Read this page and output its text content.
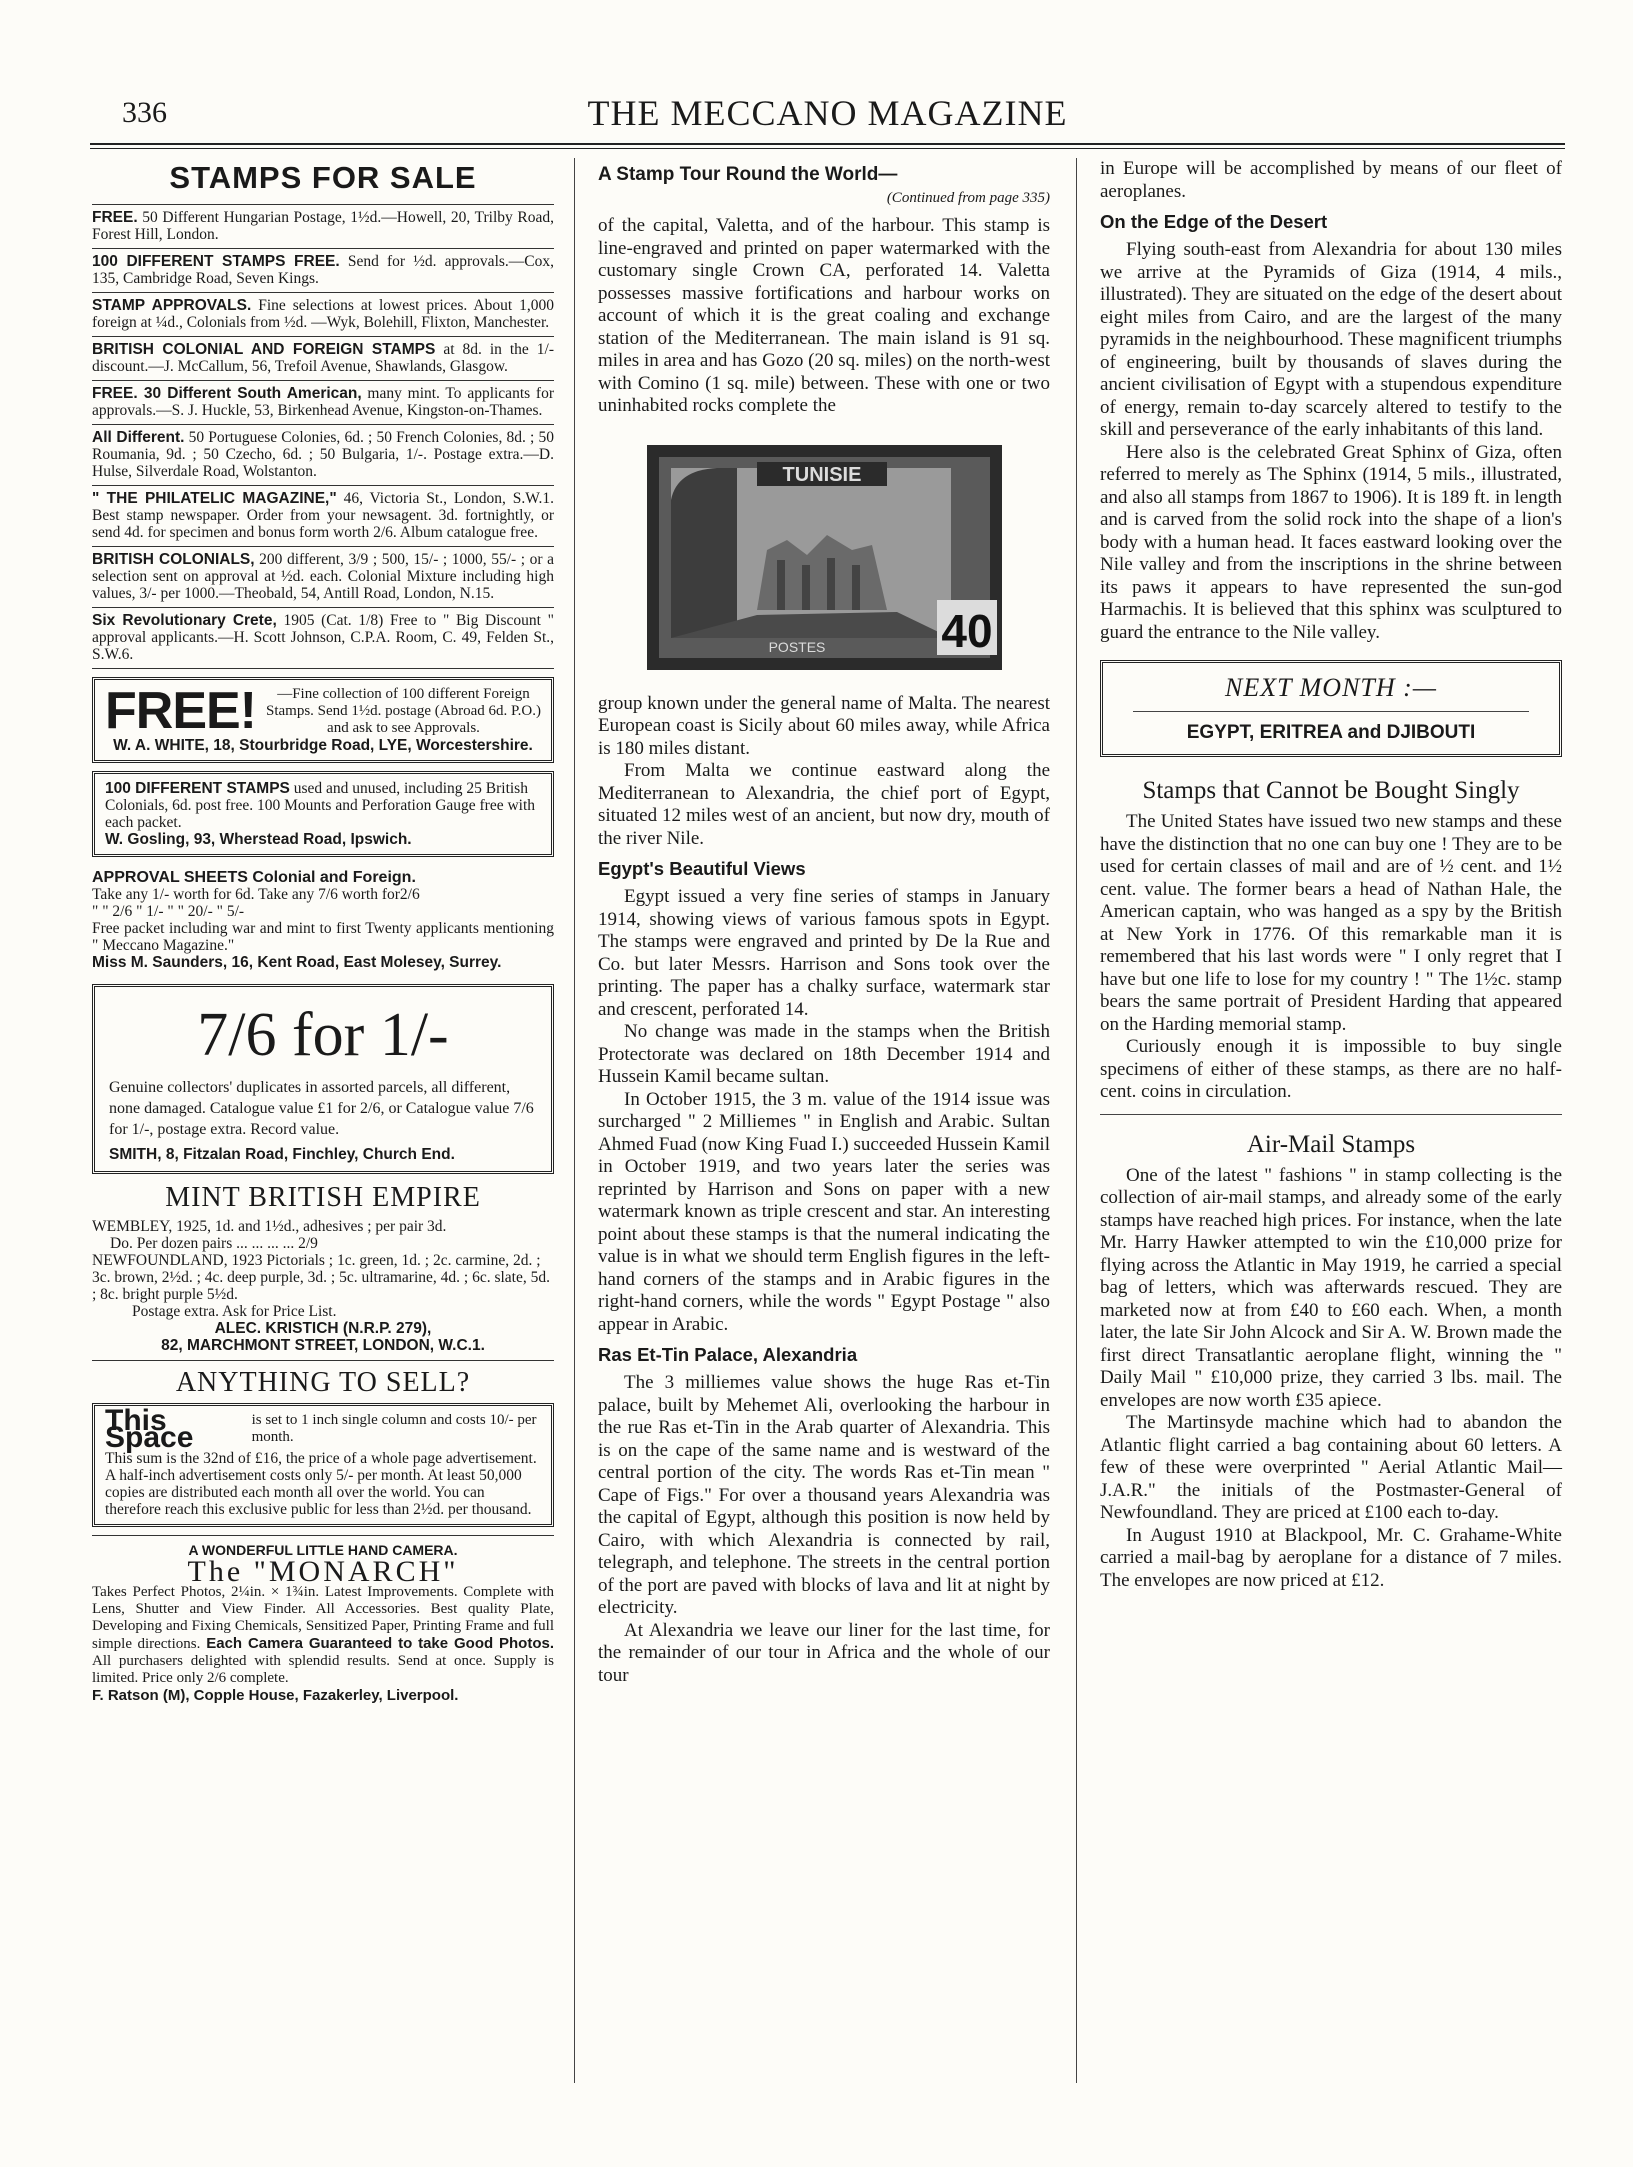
336	THE MECCANO MAGAZINE
STAMPS FOR SALE
FREE. 50 Different Hungarian Postage, 1½d.—Howell, 20, Trilby Road, Forest Hill, London.
100 DIFFERENT STAMPS FREE. Send for ½d. approvals.—Cox, 135, Cambridge Road, Seven Kings.
STAMP APPROVALS. Fine selections at lowest prices. About 1,000 foreign at ¼d., Colonials from ½d. —Wyk, Bolehill, Flixton, Manchester.
BRITISH COLONIAL AND FOREIGN STAMPS at 8d. in the 1/- discount.—J. McCallum, 56, Trefoil Avenue, Shawlands, Glasgow.
FREE. 30 Different South American, many mint. To applicants for approvals.—S. J. Huckle, 53, Birkenhead Avenue, Kingston-on-Thames.
All Different. 50 Portuguese Colonies, 6d. ; 50 French Colonies, 8d. ; 50 Roumania, 9d. ; 50 Czecho, 6d. ; 50 Bulgaria, 1/-. Postage extra.—D. Hulse, Silverdale Road, Wolstanton.
" THE PHILATELIC MAGAZINE," 46, Victoria St., London, S.W.1. Best stamp newspaper. Order from your newsagent. 3d. fortnightly, or send 4d. for specimen and bonus form worth 2/6. Album catalogue free.
BRITISH COLONIALS, 200 different, 3/9 ; 500, 15/- ; 1000, 55/- ; or a selection sent on approval at ½d. each. Colonial Mixture including high values, 3/- per 1000.—Theobald, 54, Antill Road, London, N.15.
Six Revolutionary Crete, 1905 (Cat. 1/8) Free to " Big Discount " approval applicants.—H. Scott Johnson, C.P.A. Room, C. 49, Felden St., S.W.6.
FREE!	—Fine collection of 100 different Foreign Stamps. Send 1½d. postage (Abroad 6d. P.O.) and ask to see Approvals.
W. A. WHITE, 18, Stourbridge Road, LYE, Worcestershire.
100 DIFFERENT STAMPS used and unused, including 25 British Colonials, 6d. post free. 100 Mounts and Perforation Gauge free with each packet.
W. Gosling, 93, Wherstead Road, Ipswich.
APPROVAL SHEETS Colonial and Foreign.
Take any 1/- worth for 6d. Take any 7/6 worth for2/6
" " 2/6 " 1/- " " 20/- " 5/-
Free packet including war and mint to first Twenty applicants mentioning " Meccano Magazine."
Miss M. Saunders, 16, Kent Road, East Molesey, Surrey.
7/6 for 1/-
Genuine collectors' duplicates in assorted parcels, all different, none damaged. Catalogue value £1 for 2/6, or Catalogue value 7/6 for 1/-, postage extra. Record value.
SMITH, 8, Fitzalan Road, Finchley, Church End.
MINT BRITISH EMPIRE
WEMBLEY, 1925, 1d. and 1½d., adhesives ; per pair 3d.
Do. Per dozen pairs ... ... ... ... 2/9
NEWFOUNDLAND, 1923 Pictorials ; 1c. green, 1d. ; 2c. carmine, 2d. ; 3c. brown, 2½d. ; 4c. deep purple, 3d. ; 5c. ultramarine, 4d. ; 6c. slate, 5d. ; 8c. bright purple 5½d.
Postage extra. Ask for Price List.
ALEC. KRISTICH (N.R.P. 279),
82, MARCHMONT STREET, LONDON, W.C.1.
ANYTHING TO SELL?
This Space
is set to 1 inch single column and costs 10/- per month.
This sum is the 32nd of £16, the price of a whole page advertisement. A half-inch advertisement costs only 5/- per month. At least 50,000 copies are distributed each month all over the world. You can therefore reach this exclusive public for less than 2½d. per thousand.
A WONDERFUL LITTLE HAND CAMERA.
The "MONARCH"
Takes Perfect Photos, 2¼in. × 1¾in. Latest Improvements. Complete with Lens, Shutter and View Finder. All Accessories. Best quality Plate, Developing and Fixing Chemicals, Sensitized Paper, Printing Frame and full simple directions. Each Camera Guaranteed to take Good Photos. All purchasers delighted with splendid results. Send at once. Supply is limited. Price only 2/6 complete.
F. Ratson (M), Copple House, Fazakerley, Liverpool.
A Stamp Tour Round the World—
(Continued from page 335)

of the capital, Valetta, and of the harbour. This stamp is line-engraved and printed on paper watermarked with the customary single Crown CA, perforated 14. Valetta possesses massive fortifications and harbour works on account of which it is the great coaling and exchange station of the Mediterranean. The main island is 91 sq. miles in area and has Gozo (20 sq. miles) on the north-west with Comino (1 sq. mile) between. These with one or two uninhabited rocks complete the

TUNISIE
POSTES	40

group known under the general name of Malta. The nearest European coast is Sicily about 60 miles away, while Africa is 180 miles distant.

From Malta we continue eastward along the Mediterranean to Alexandria, the chief port of Egypt, situated 12 miles west of an ancient, but now dry, mouth of the river Nile.

Egypt's Beautiful Views

Egypt issued a very fine series of stamps in January 1914, showing views of various famous spots in Egypt. The stamps were engraved and printed by De la Rue and Co. but later Messrs. Harrison and Sons took over the printing. The paper has a chalky surface, watermark star and crescent, perforated 14.

No change was made in the stamps when the British Protectorate was declared on 18th December 1914 and Hussein Kamil became sultan.

In October 1915, the 3 m. value of the 1914 issue was surcharged " 2 Milliemes " in English and Arabic. Sultan Ahmed Fuad (now King Fuad I.) succeeded Hussein Kamil in October 1919, and two years later the series was reprinted by Harrison and Sons on paper with a new watermark known as triple crescent and star. An interesting point about these stamps is that the numeral indicating the value is in what we should term English figures in the left-hand corners of the stamps and in Arabic figures in the right-hand corners, while the words " Egypt Postage " also appear in Arabic.

Ras Et-Tin Palace, Alexandria

The 3 milliemes value shows the huge Ras et-Tin palace, built by Mehemet Ali, overlooking the harbour in the rue Ras et-Tin in the Arab quarter of Alexandria. This is on the cape of the same name and is westward of the central portion of the city. The words Ras et-Tin mean " Cape of Figs." For over a thousand years Alexandria was the capital of Egypt, although this position is now held by Cairo, with which Alexandria is connected by rail, telegraph, and telephone. The streets in the central portion of the port are paved with blocks of lava and lit at night by electricity.

At Alexandria we leave our liner for the last time, for the remainder of our tour in Africa and the whole of our tour

in Europe will be accomplished by means of our fleet of aeroplanes.

On the Edge of the Desert

Flying south-east from Alexandria for about 130 miles we arrive at the Pyramids of Giza (1914, 4 mils., illustrated). They are situated on the edge of the desert about eight miles from Cairo, and are the largest of the many pyramids in the neighbourhood. These magnificent triumphs of engineering, built by thousands of slaves during the ancient civilisation of Egypt with a stupendous expenditure of energy, remain to-day scarcely altered to testify to the skill and perseverance of the early inhabitants of this land.

Here also is the celebrated Great Sphinx of Giza, often referred to merely as The Sphinx (1914, 5 mils., illustrated, and also all stamps from 1867 to 1906). It is 189 ft. in length and is carved from the solid rock into the shape of a lion's body with a human head. It faces eastward looking over the Nile valley and from the inscriptions in the shrine between its paws it appears to have represented the sun-god Harmachis. It is believed that this sphinx was sculptured to guard the entrance to the Nile valley.

NEXT MONTH :—
EGYPT, ERITREA and DJIBOUTI
Stamps that Cannot be Bought Singly

The United States have issued two new stamps and these have the distinction that no one can buy one ! They are to be used for certain classes of mail and are of ½ cent. and 1½ cent. value. The former bears a head of Nathan Hale, the American captain, who was hanged as a spy by the British at New York in 1776. Of this remarkable man it is remembered that his last words were " I only regret that I have but one life to lose for my country ! " The 1½c. stamp bears the same portrait of President Harding that appeared on the Harding memorial stamp.

Curiously enough it is impossible to buy single specimens of either of these stamps, as there are no half-cent. coins in circulation.

Air-Mail Stamps

One of the latest " fashions " in stamp collecting is the collection of air-mail stamps, and already some of the early stamps have reached high prices. For instance, when the late Mr. Harry Hawker attempted to win the £10,000 prize for flying across the Atlantic in May 1919, he carried a special bag of letters, which was afterwards rescued. They are marketed now at from £40 to £60 each. When, a month later, the late Sir John Alcock and Sir A. W. Brown made the first direct Transatlantic aeroplane flight, winning the " Daily Mail " £10,000 prize, they carried 3 lbs. mail. The envelopes are now worth £35 apiece.

The Martinsyde machine which had to abandon the Atlantic flight carried a bag containing about 60 letters. A few of these were overprinted " Aerial Atlantic Mail—J.A.R." the initials of the Postmaster-General of Newfoundland. They are priced at £100 each to-day.

In August 1910 at Blackpool, Mr. C. Grahame-White carried a mail-bag by aeroplane for a distance of 7 miles. The envelopes are now priced at £12.
